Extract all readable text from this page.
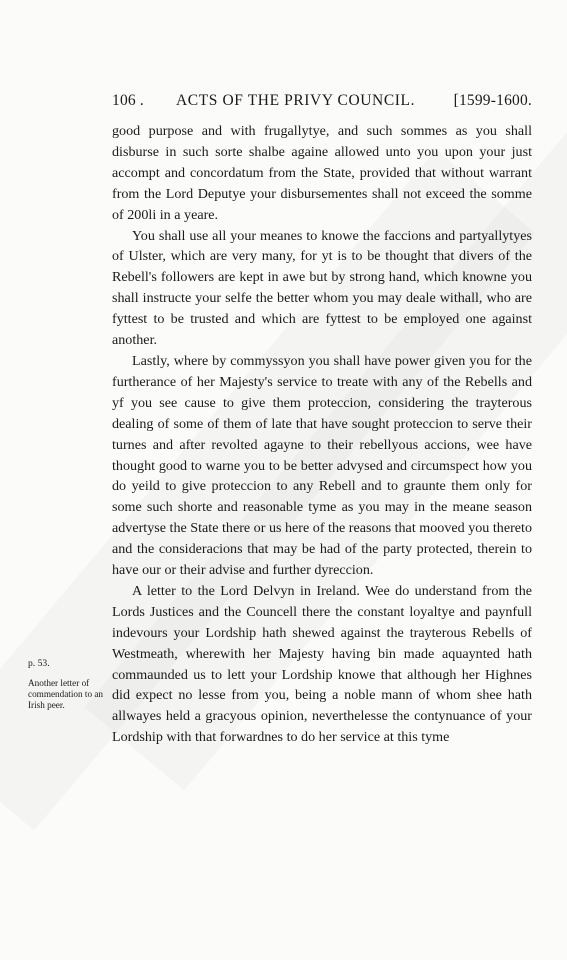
106 . ACTS OF THE PRIVY COUNCIL. [1599-1600.

good purpose and with frugallytye, and such sommes as you shall disburse in such sorte shalbe againe allowed unto you upon your just accompt and concordatum from the State, provided that without warrant from the Lord Deputye your disbursementes shall not exceed the somme of 200li in a yeare.

You shall use all your meanes to knowe the faccions and partyallytyes of Ulster, which are very many, for yt is to be thought that divers of the Rebell's followers are kept in awe but by strong hand, which knowne you shall instructe your selfe the better whom you may deale withall, who are fyttest to be trusted and which are fyttest to be employed one against another.

Lastly, where by commyssyon you shall have power given you for the furtherance of her Majesty's service to treate with any of the Rebells and yf you see cause to give them proteccion, considering the trayterous dealing of some of them of late that have sought proteccion to serve their turnes and after revolted agayne to their rebellyous accions, wee have thought good to warne you to be better advysed and circumspect how you do yeild to give proteccion to any Rebell and to graunte them only for some such shorte and reasonable tyme as you may in the meane season advertyse the State there or us here of the reasons that mooved you thereto and the consideracions that may be had of the party protected, therein to have our or their advise and further dyreccion.

A letter to the Lord Delvyn in Ireland. Wee do understand from the Lords Justices and the Councell there the constant loyaltye and paynfull indevours your Lordship hath shewed against the trayterous Rebells of Westmeath, wherewith her Majesty having bin made aquaynted hath commaunded us to lett your Lordship knowe that although her Highnes did expect no lesse from you, being a noble mann of whom shee hath allwayes held a gracyous opinion, neverthelesse the contynuance of your Lordship with that forwardnes to do her service at this tyme

p. 53.
Another letter of commendation to an Irish peer.
